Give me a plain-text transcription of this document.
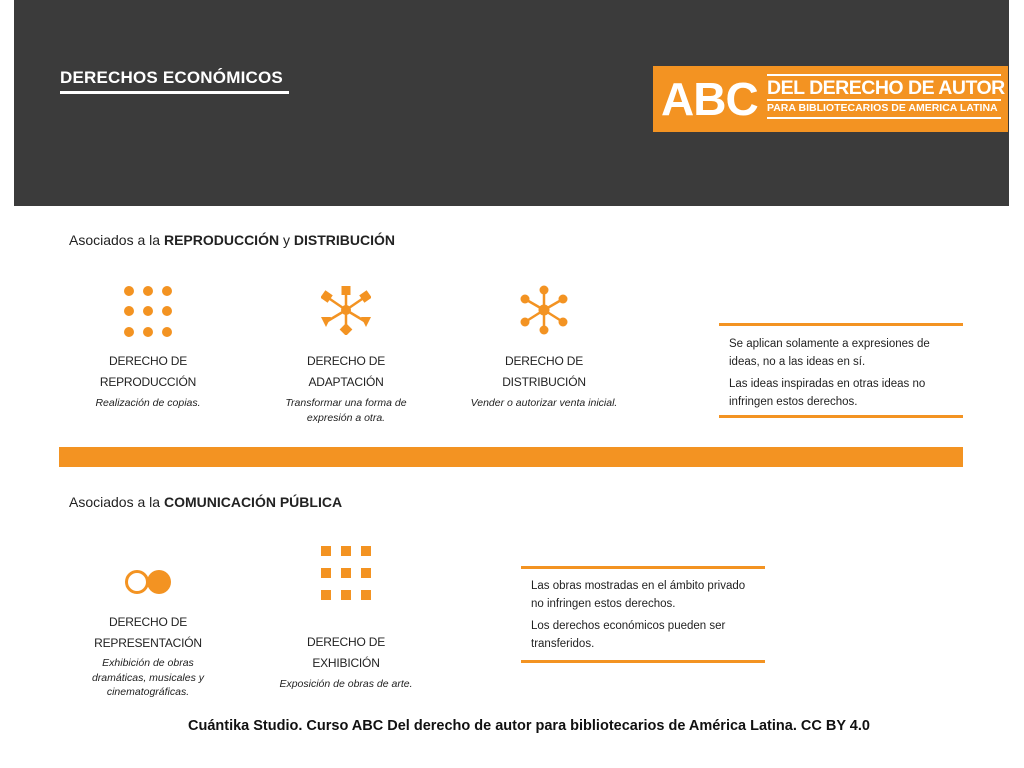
DERECHOS ECONÓMICOS	ABC DEL DERECHO DE AUTOR
PARA BIBLIOTECARIOS DE AMERICA LATINA
Asociados a la REPRODUCCIÓN y DISTRIBUCIÓN
DERECHO DE
REPRODUCCIÓN
Realización de copias.
DERECHO DE
ADAPTACIÓN
Transformar una forma de expresión a otra.
DERECHO DE
DISTRIBUCIÓN
Vender o autorizar venta inicial.

Se aplican solamente a expresiones de ideas, no a las ideas en sí.

Las ideas inspiradas en otras ideas no infringen estos derechos.

Asociados a la COMUNICACIÓN PÚBLICA
DERECHO DE
REPRESENTACIÓN
Exhibición de obras dramáticas, musicales y cinematográficas.
DERECHO DE
EXHIBICIÓN
Exposición de obras de arte.

Las obras mostradas en el ámbito privado no infringen estos derechos.

Los derechos económicos pueden ser transferidos.

Cuántika Studio. Curso ABC Del derecho de autor para bibliotecarios de América Latina. CC BY 4.0
